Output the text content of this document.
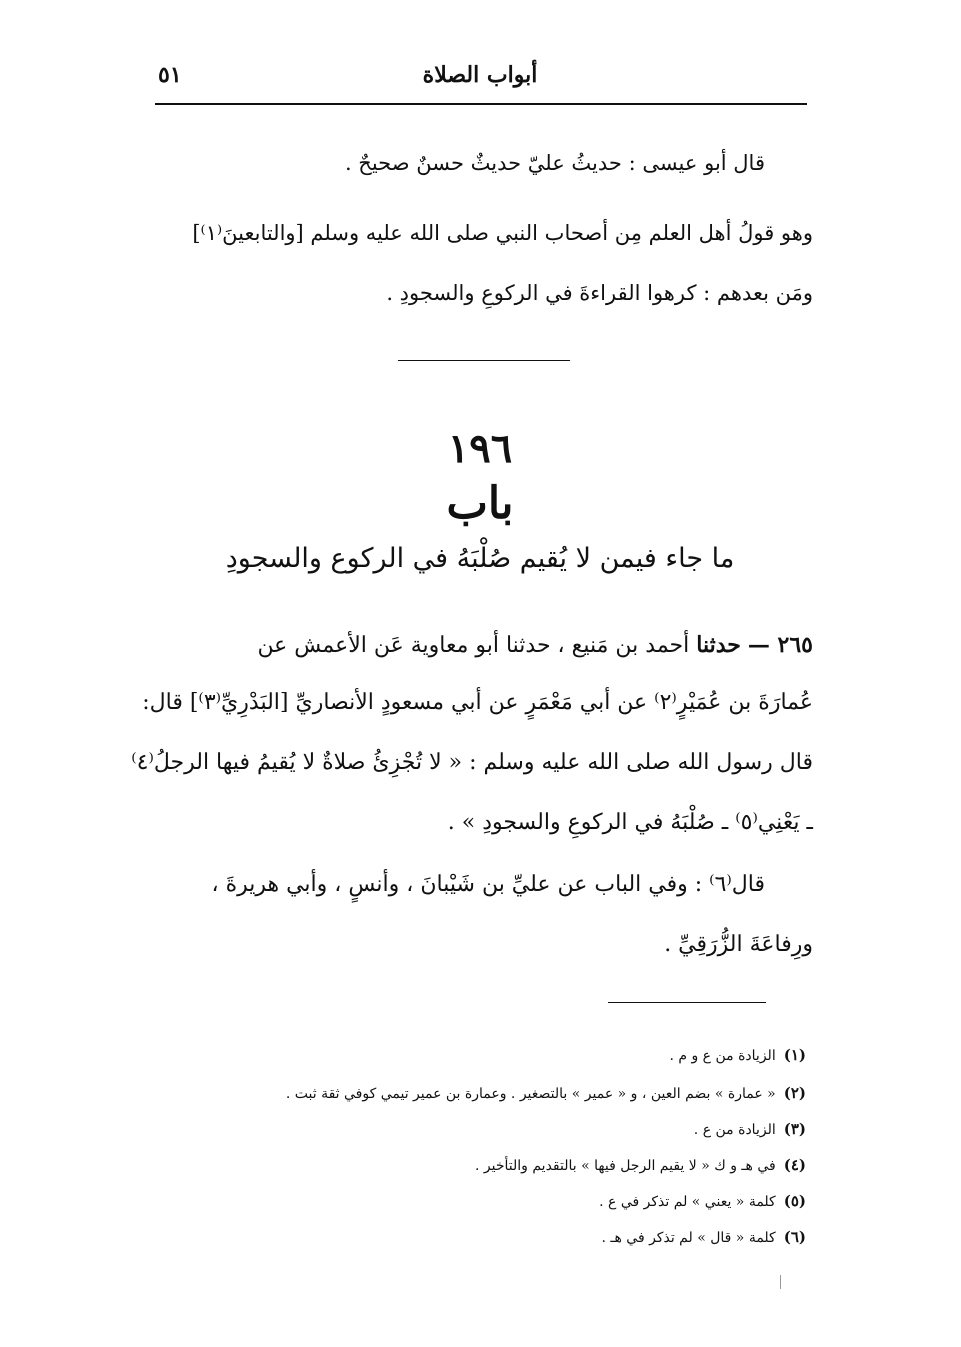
أبواب الصلاة
٥١
قال أبو عيسى : حديثُ عليّ حديثٌ حسنٌ صحيحٌ .
وهو قولُ أهل العلم مِن أصحاب النبي صلى الله عليه وسلم [والتابعينَ⁽١⁾]
ومَن بعدهم : كرهوا القراءةَ في الركوعِ والسجودِ .
١٩٦
باب
ما جاء فيمن لا يُقيم صُلْبَهُ في الركوع والسجودِ
٢٦٥ — حدثنا أحمد بن مَنيع ، حدثنا أبو معاوية عَن الأعمش عن
عُمارَةَ بن عُمَيْرٍ⁽٢⁾ عن أبي مَعْمَرٍ عن أبي مسعودٍ الأنصاريِّ [البَدْرِيِّ⁽٣⁾] قال:
قال رسول الله صلى الله عليه وسلم : « لا تُجْزِئُ صلاةٌ لا يُقيمُ فيها الرجلُ⁽٤⁾
ـ يَعْنِي⁽٥⁾ ـ صُلْبَهُ في الركوعِ والسجودِ » .
قال⁽٦⁾ : وفي الباب عن عليِّ بن شَيْبانَ ، وأنسٍ ، وأبي هريرةَ ،
ورِفاعَةَ الزُّرَقِيِّ .
(١)الزيادة من ع و م .
(٢)« عمارة » بضم العين ، و « عمير » بالتصغير . وعمارة بن عمير تيمي كوفي ثقة ثبت .
(٣)الزيادة من ع .
(٤)في هـ و ك « لا يقيم الرجل فيها » بالتقديم والتأخير .
(٥)كلمة « يعني » لم تذكر في ع .
(٦)كلمة « قال » لم تذكر في هـ .
